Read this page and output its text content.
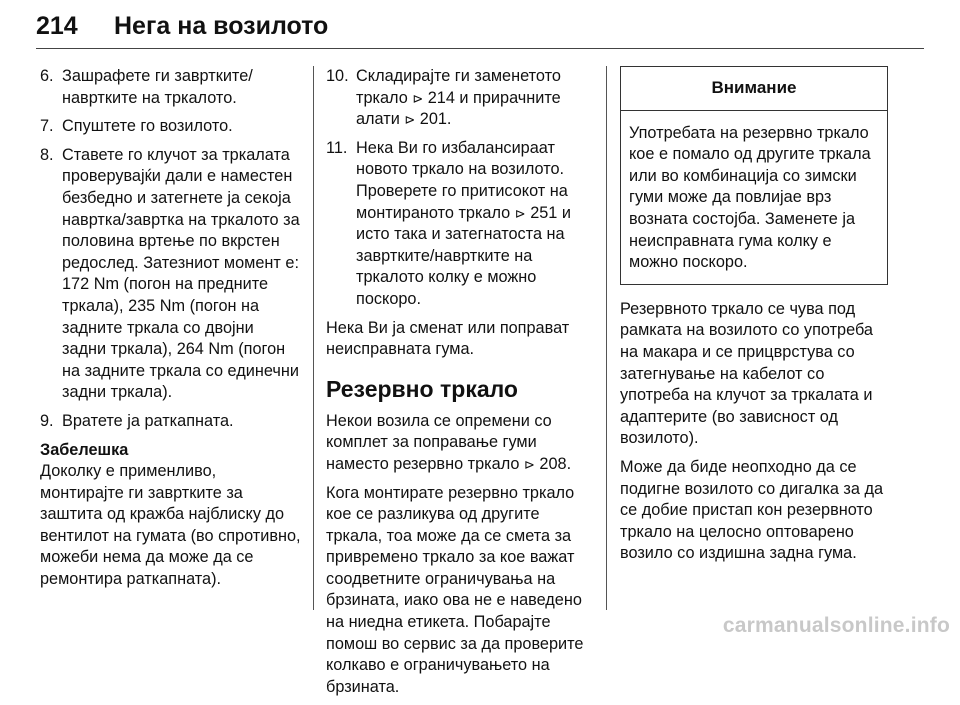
214 Нега на возилото
6. Зашрафете ги завртките/навртките на тркалото.
7. Спуштете го возилото.
8. Ставете го клучот за тркалата проверувајќи дали е наместен безбедно и затегнете ја секоја навртка/завртка на тркалото за половина вртење по вкрстен редослед. Затезниот момент е: 172 Nm (погон на предните тркала), 235 Nm (погон на задните тркала со двојни задни тркала), 264 Nm (погон на задните тркала со единечни задни тркала).
9. Вратете ја раткапната.
Забелешка
Доколку е применливо, монтирајте ги завртките за заштита од кражба најблиску до вентилот на гумата (во спротивно, можеби нема да може да се ремонтира раткапната).
10. Складирајте ги заменетото тркало ⊳ 214 и прирачните алати ⊳ 201.
11. Нека Ви го избалансираат новото тркало на возилото. Проверете го притисокот на монтираното тркало ⊳ 251 и исто така и затегнатоста на завртките/навртките на тркалото колку е можно поскоро.

Нека Ви ја сменат или поправат неисправната гума.

Резервно тркало

Некои возила се опремени со комплет за поправање гуми наместо резервно тркало ⊳ 208.

Кога монтирате резервно тркало кое се разликува од другите тркала, тоа може да се смета за привремено тркало за кое важат соодветните ограничувања на брзината, иако ова не е наведено на ниедна етикета. Побарајте помош во сервис за да проверите колкаво е ограничувањето на брзината.

Внимание
Употребата на резервно тркало кое е помало од другите тркала или во комбинација со зимски гуми може да повлијае врз возната состојба. Заменете ја неисправната гума колку е можно поскоро.

Резервното тркало се чува под рамката на возилото со употреба на макара и се прицврстува со затегнување на кабелот со употреба на клучот за тркалата и адаптерите (во зависност од возилото).

Може да биде неопходно да се подигне возилото со дигалка за да се добие пристап кон резервното тркало на целосно оптоварено возило со издишна задна гума.

carmanualsonline.info
